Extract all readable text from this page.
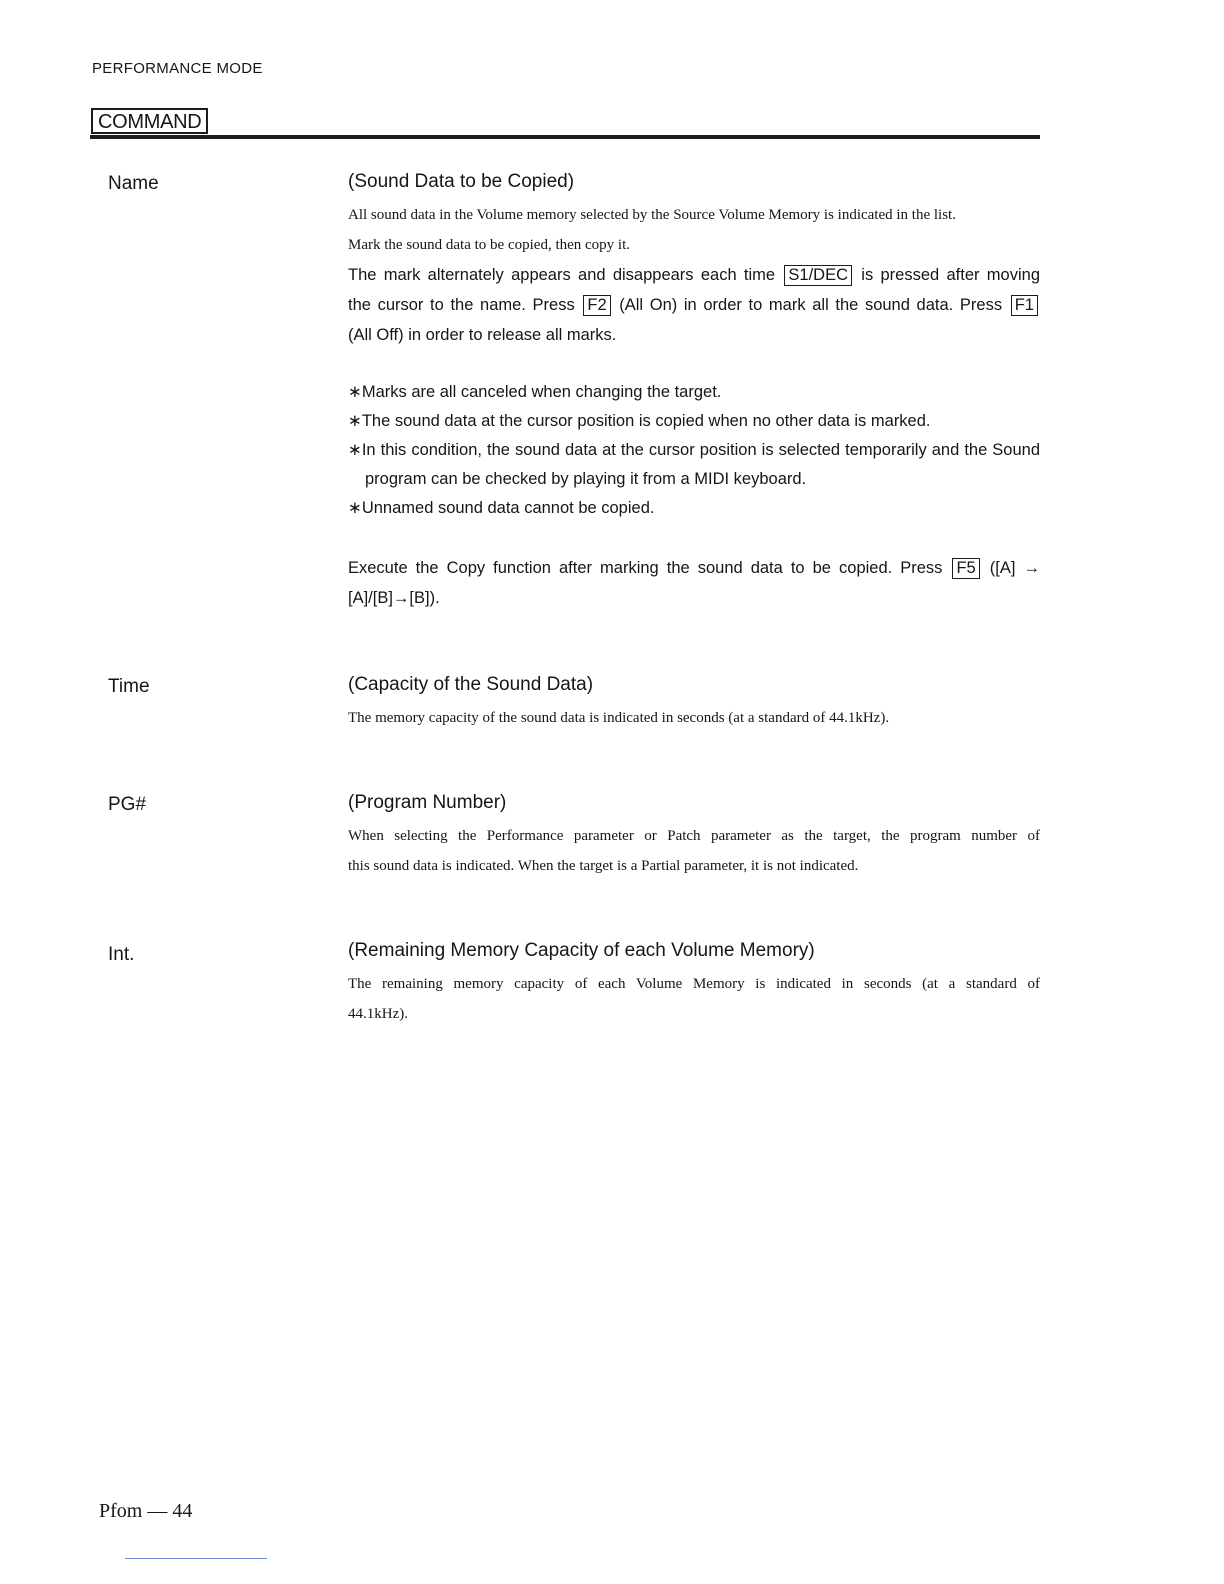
PERFORMANCE MODE
COMMAND
Name	(Sound Data to be Copied)

All sound data in the Volume memory selected by the Source Volume Memory is indicated in the list.

Mark the sound data to be copied, then copy it.

The mark alternately appears and disappears each time S1/DEC is pressed after moving

the cursor to the name. Press F2 (All On) in order to mark all the sound data. Press F1

(All Off) in order to release all marks.

∗Marks are all canceled when changing the target.

∗The sound data at the cursor position is copied when no other data is marked.

∗In this condition, the sound data at the cursor position is selected temporarily and the Sound program can be checked by playing it from a MIDI keyboard.

∗Unnamed sound data cannot be copied.

Execute the Copy function after marking the sound data to be copied. Press F5 ([A] →

[A]/[B]→[B]).

Time	(Capacity of the Sound Data)

The memory capacity of the sound data is indicated in seconds (at a standard of 44.1kHz).

PG#	(Program Number)

When selecting the Performance parameter or Patch parameter as the target, the program number of

this sound data is indicated. When the target is a Partial parameter, it is not indicated.

Int.	(Remaining Memory Capacity of each Volume Memory)

The remaining memory capacity of each Volume Memory is indicated in seconds (at a standard of

44.1kHz).

Pfom — 44
